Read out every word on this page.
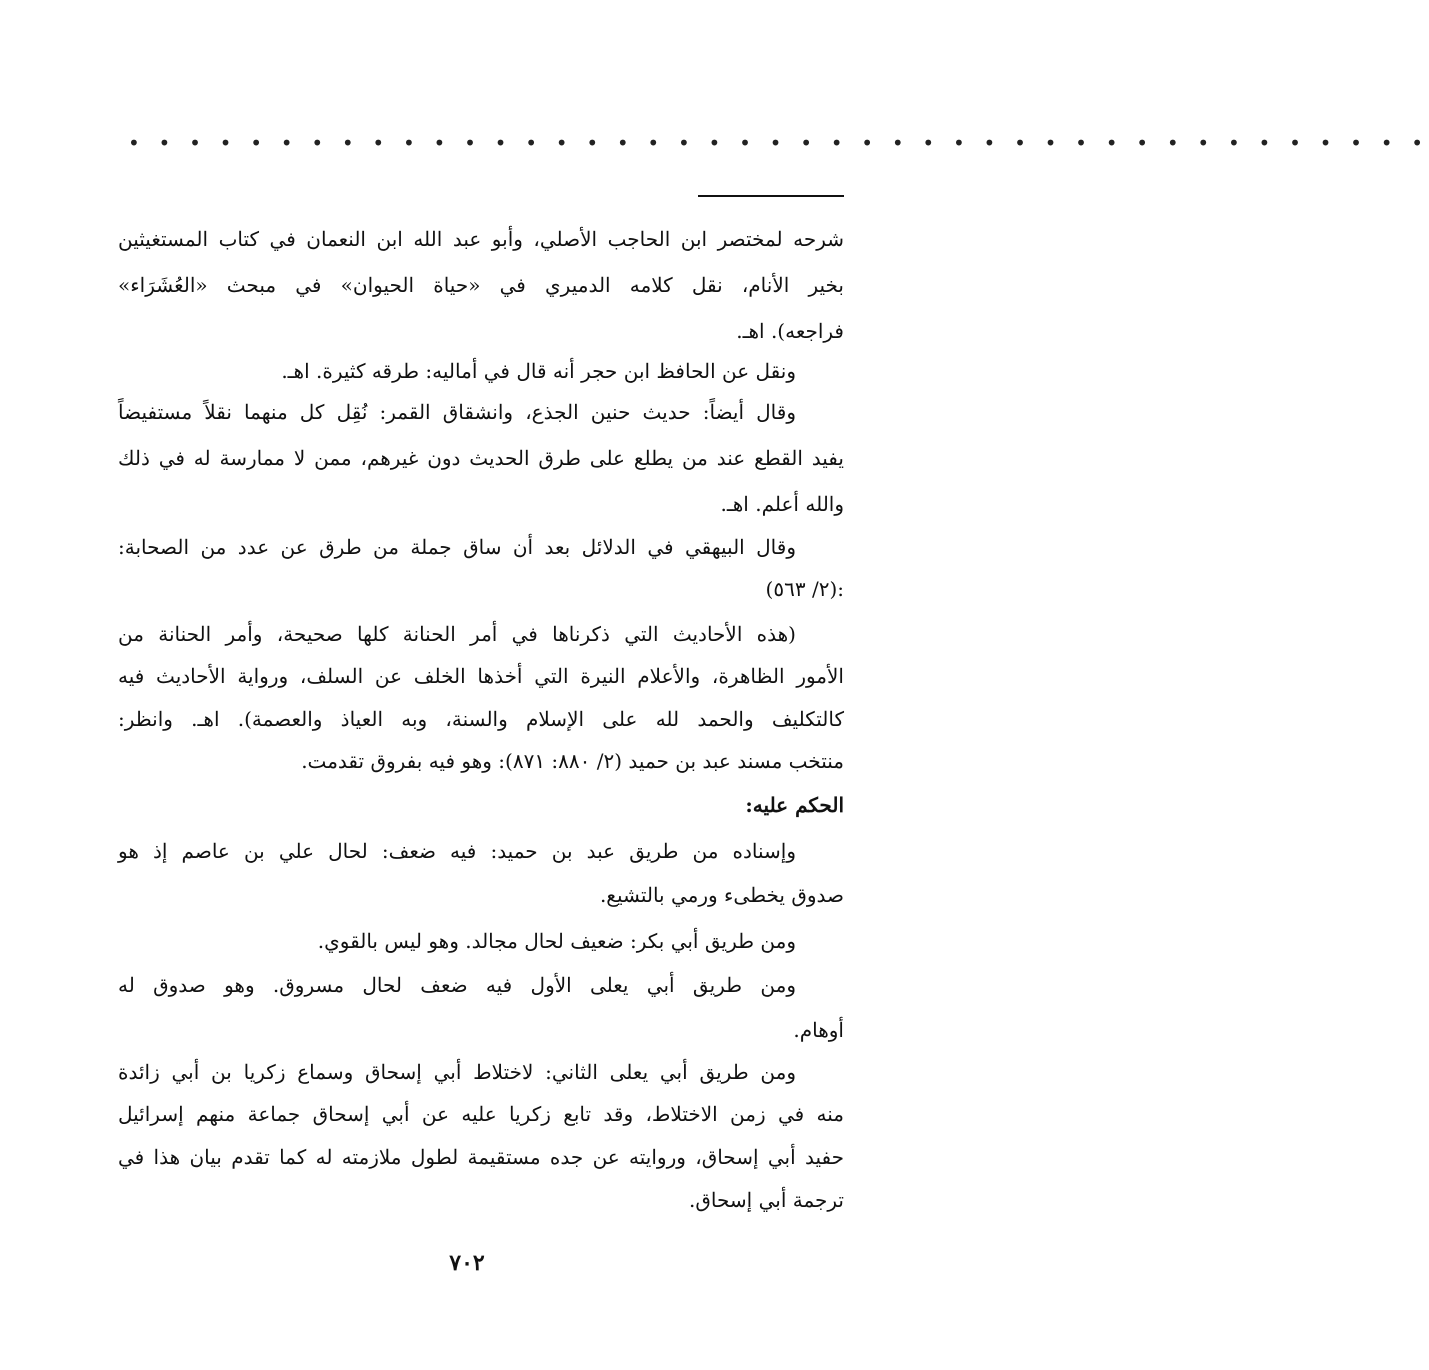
• • • • • • • • • • • • • • • • • • • • • • • • • • • • • • • • • • • • • • • • • • •
شرحه لمختصر ابن الحاجب الأصلي، وأبو عبد الله ابن النعمان في كتاب المستغيثين
بخير الأنام، نقل كلامه الدميري في «حياة الحيوان» في مبحث «العُشَرَاء»
فراجعه). اهـ.
ونقل عن الحافظ ابن حجر أنه قال في أماليه: طرقه كثيرة. اهـ.
وقال أيضاً: حديث حنين الجذع، وانشقاق القمر: نُقِل كل منهما نقلاً مستفيضاً
يفيد القطع عند من يطلع على طرق الحديث دون غيرهم، ممن لا ممارسة له في ذلك
والله أعلم. اهـ.
وقال البيهقي في الدلائل بعد أن ساق جملة من طرق عن عدد من الصحابة:
(٢/ ٥٦٣):
(هذه الأحاديث التي ذكرناها في أمر الحنانة كلها صحيحة، وأمر الحنانة من
الأمور الظاهرة، والأعلام النيرة التي أخذها الخلف عن السلف، ورواية الأحاديث فيه
كالتكليف والحمد لله على الإسلام والسنة، وبه العياذ والعصمة). اهـ. وانظر:
منتخب مسند عبد بن حميد (٢/ ٨٨٠: ٨٧١): وهو فيه بفروق تقدمت.
الحكم عليه:
وإسناده من طريق عبد بن حميد: فيه ضعف: لحال علي بن عاصم إذ هو
صدوق يخطىء ورمي بالتشيع.
ومن طريق أبي بكر: ضعيف لحال مجالد. وهو ليس بالقوي.
ومن طريق أبي يعلى الأول فيه ضعف لحال مسروق. وهو صدوق له
أوهام.
ومن طريق أبي يعلى الثاني: لاختلاط أبي إسحاق وسماع زكريا بن أبي زائدة
منه في زمن الاختلاط، وقد تابع زكريا عليه عن أبي إسحاق جماعة منهم إسرائيل
حفيد أبي إسحاق، وروايته عن جده مستقيمة لطول ملازمته له كما تقدم بيان هذا في
ترجمة أبي إسحاق.
٧٠٢
